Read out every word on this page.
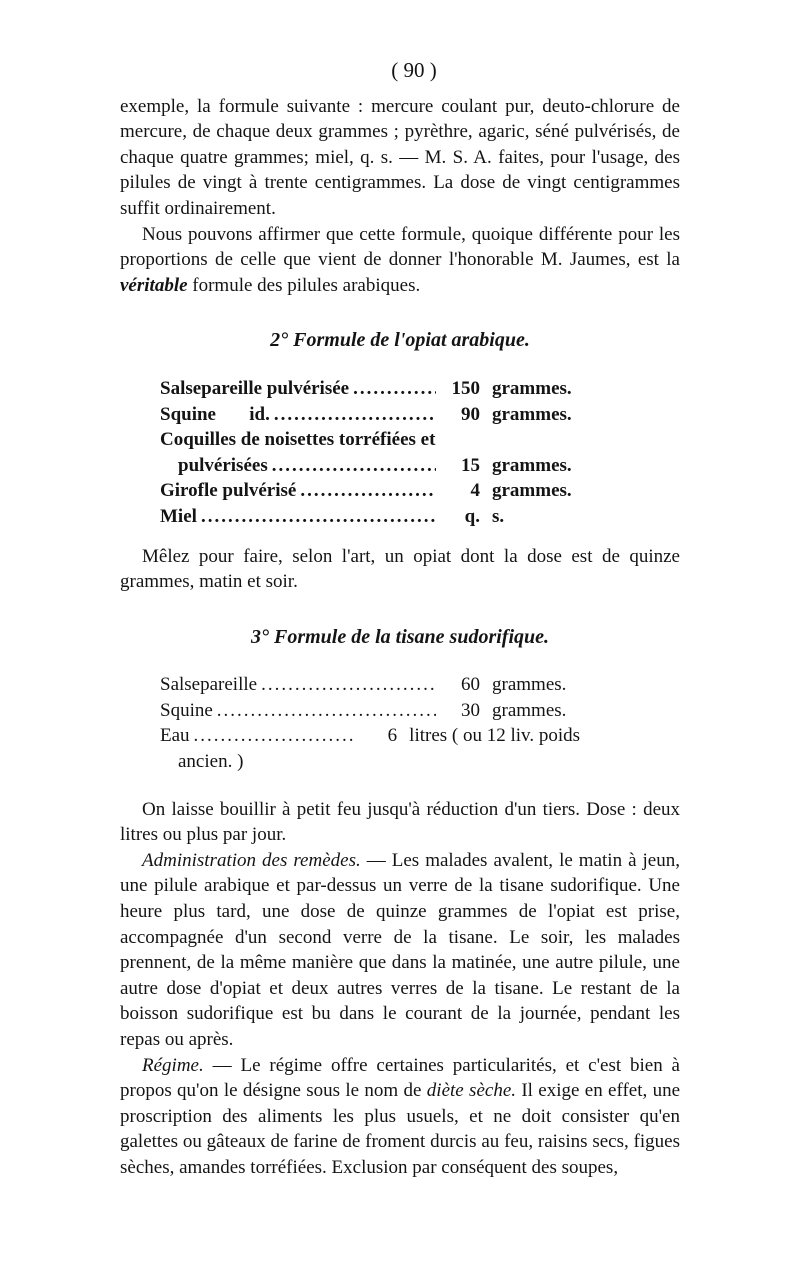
( 90 )

exemple, la formule suivante : mercure coulant pur, deuto-chlorure de mercure, de chaque deux grammes ; pyrèthre, agaric, séné pulvérisés, de chaque quatre grammes; miel, q. s. — M. S. A. faites, pour l'usage, des pilules de vingt à trente centigrammes. La dose de vingt centigrammes suffit ordinairement.

Nous pouvons affirmer que cette formule, quoique différente pour les proportions de celle que vient de donner l'honorable M. Jaumes, est la véritable formule des pilules arabiques.

2° Formule de l'opiat arabique.
Salsepareille pulvérisée .....	150 grammes.
Squine       id. .....	90 grammes.
Coquilles de noisettes torréfiées et
pulvérisées .....	15 grammes.
Girofle pulvérisé .....	4 grammes.
Miel .....	q. s.

Mêlez pour faire, selon l'art, un opiat dont la dose est de quinze grammes, matin et soir.

3° Formule de la tisane sudorifique.
Salsepareille .....	60 grammes.
Squine .....	30 grammes.
Eau .....	6 litres ( ou 12 liv. poids
ancien. )

On laisse bouillir à petit feu jusqu'à réduction d'un tiers. Dose : deux litres ou plus par jour.

Administration des remèdes. — Les malades avalent, le matin à jeun, une pilule arabique et par-dessus un verre de la tisane sudorifique. Une heure plus tard, une dose de quinze grammes de l'opiat est prise, accompagnée d'un second verre de la tisane. Le soir, les malades prennent, de la même manière que dans la matinée, une autre pilule, une autre dose d'opiat et deux autres verres de la tisane. Le restant de la boisson sudorifique est bu dans le courant de la journée, pendant les repas ou après.

Régime. — Le régime offre certaines particularités, et c'est bien à propos qu'on le désigne sous le nom de diète sèche. Il exige en effet, une proscription des aliments les plus usuels, et ne doit consister qu'en galettes ou gâteaux de farine de froment durcis au feu, raisins secs, figues sèches, amandes torréfiées. Exclusion par conséquent des soupes,
